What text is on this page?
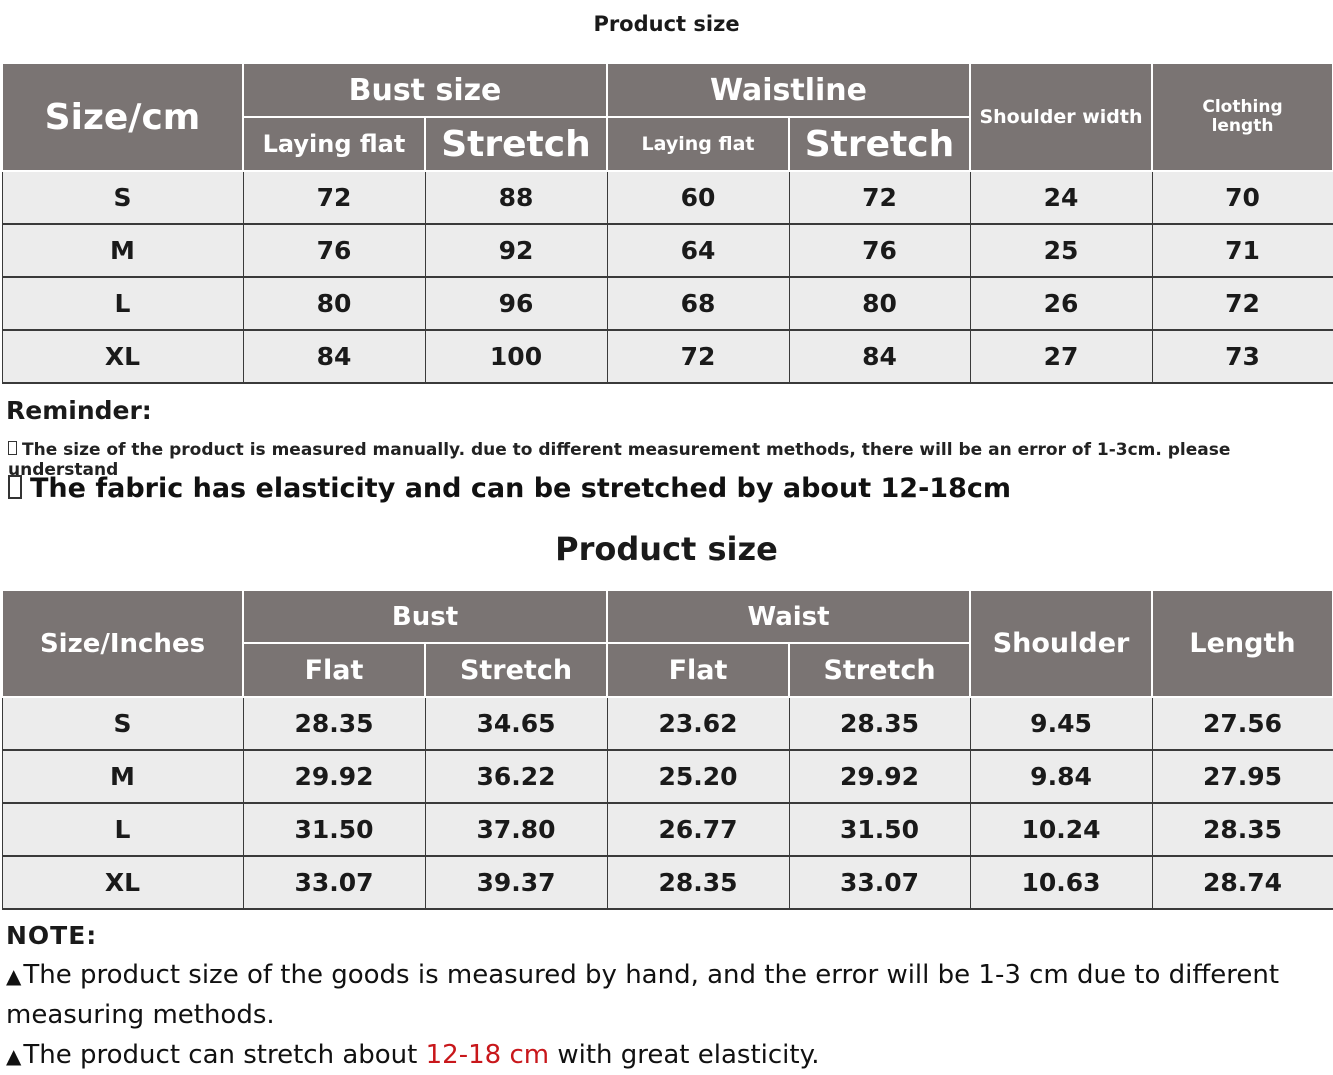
Product size
Size/cm	Bust size		Waistline		Shoulder width	Clothing
length
	Laying flat	Stretch	Laying flat	Stretch		
S	72	88	60	72	24	70
M	76	92	64	76	25	71
L	80	96	68	80	26	72
XL	84	100	72	84	27	73
Reminder:
The size of the product is measured manually. due to different measurement methods, there will be an error of 1-3cm. please understand
The fabric has elasticity and can be stretched by about 12-18cm
Product size
Size/Inches	Bust		Waist		Shoulder	Length
	Flat	Stretch	Flat	Stretch		
S	28.35	34.65	23.62	28.35	9.45	27.56
M	29.92	36.22	25.20	29.92	9.84	27.95
L	31.50	37.80	26.77	31.50	10.24	28.35
XL	33.07	39.37	28.35	33.07	10.63	28.74
NOTE:
▲The product size of the goods is measured by hand, and the error will be 1-3 cm due to different
measuring methods.
▲The product can stretch about 12-18 cm with great elasticity.
